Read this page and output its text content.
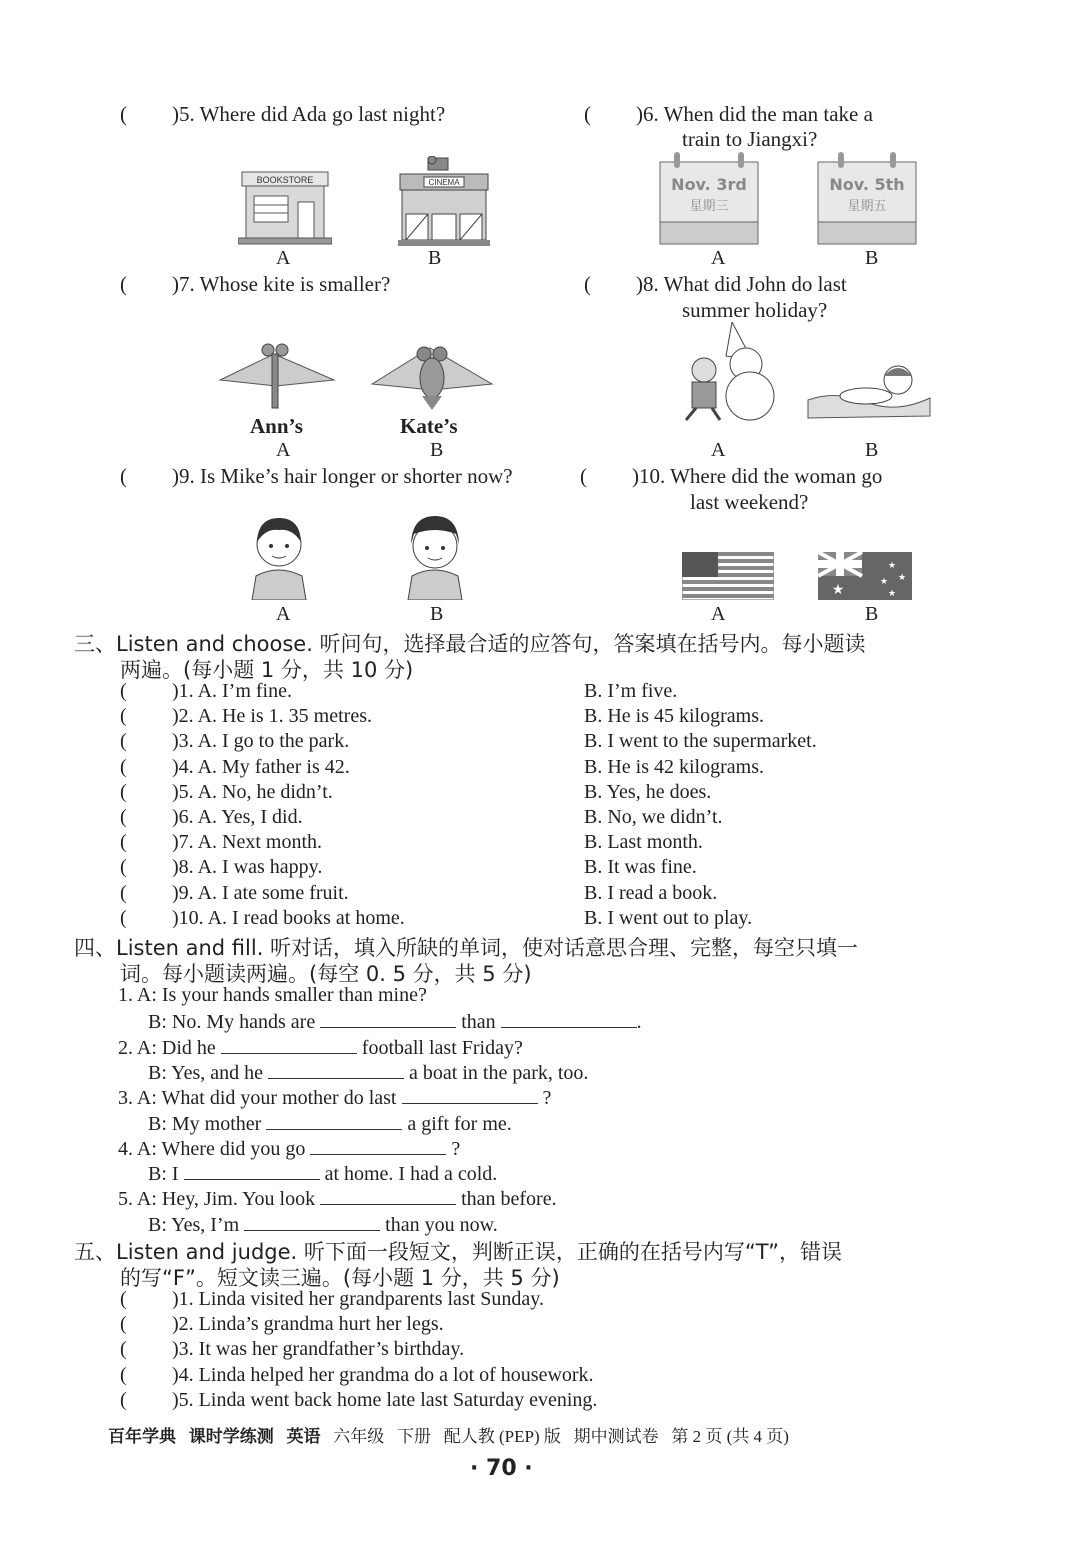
( )5. Where did Ada go last night?
BOOKSTORE	CINEMA
A	B
( )6. When did the man take a
train to Jiangxi?
Nov. 3rd
星期三
Nov. 5th
星期五
A	B
( )7. Whose kite is smaller?
Ann’s	Kate’s
A	B
( )8. What did John do last
summer holiday?
A	B
( )9. Is Mike’s hair longer or shorter now?
A	B
( )10. Where did the woman go
last weekend?
★
★
★
★
★
A	B
三、Listen and choose. 听问句，选择最合适的应答句，答案填在括号内。每小题读
两遍。(每小题 1 分，共 10 分)
( )1. A. I’m fine.	B. I’m five.
( )2. A. He is 1. 35 metres.	B. He is 45 kilograms.
( )3. A. I go to the park.	B. I went to the supermarket.
( )4. A. My father is 42.	B. He is 42 kilograms.
( )5. A. No, he didn’t.	B. Yes, he does.
( )6. A. Yes, I did.	B. No, we didn’t.
( )7. A. Next month.	B. Last month.
( )8. A. I was happy.	B. It was fine.
( )9. A. I ate some fruit.	B. I read a book.
( )10. A. I read books at home.	B. I went out to play.
四、Listen and fill. 听对话，填入所缺的单词，使对话意思合理、完整，每空只填一
词。每小题读两遍。(每空 0. 5 分，共 5 分)
1. A: Is your hands smaller than mine?
B: No. My hands are	than	.
2. A: Did he	football last Friday?
B: Yes, and he	a boat in the park, too.
3. A: What did your mother do last	?
B: My mother	a gift for me.
4. A: Where did you go	?
B: I	at home. I had a cold.
5. A: Hey, Jim. You look	than before.
B: Yes, I’m	than you now.
五、Listen and judge. 听下面一段短文，判断正误，正确的在括号内写“T”，错误
的写“F”。短文读三遍。(每小题 1 分，共 5 分)
( )1. Linda visited her grandparents last Sunday.
( )2. Linda’s grandma hurt her legs.
( )3. It was her grandfather’s birthday.
( )4. Linda helped her grandma do a lot of housework.
( )5. Linda went back home late last Saturday evening.
百年学典 课时学练测 英语 六年级 下册 配人教 (PEP) 版 期中测试卷 第 2 页 (共 4 页)
· 70 ·
